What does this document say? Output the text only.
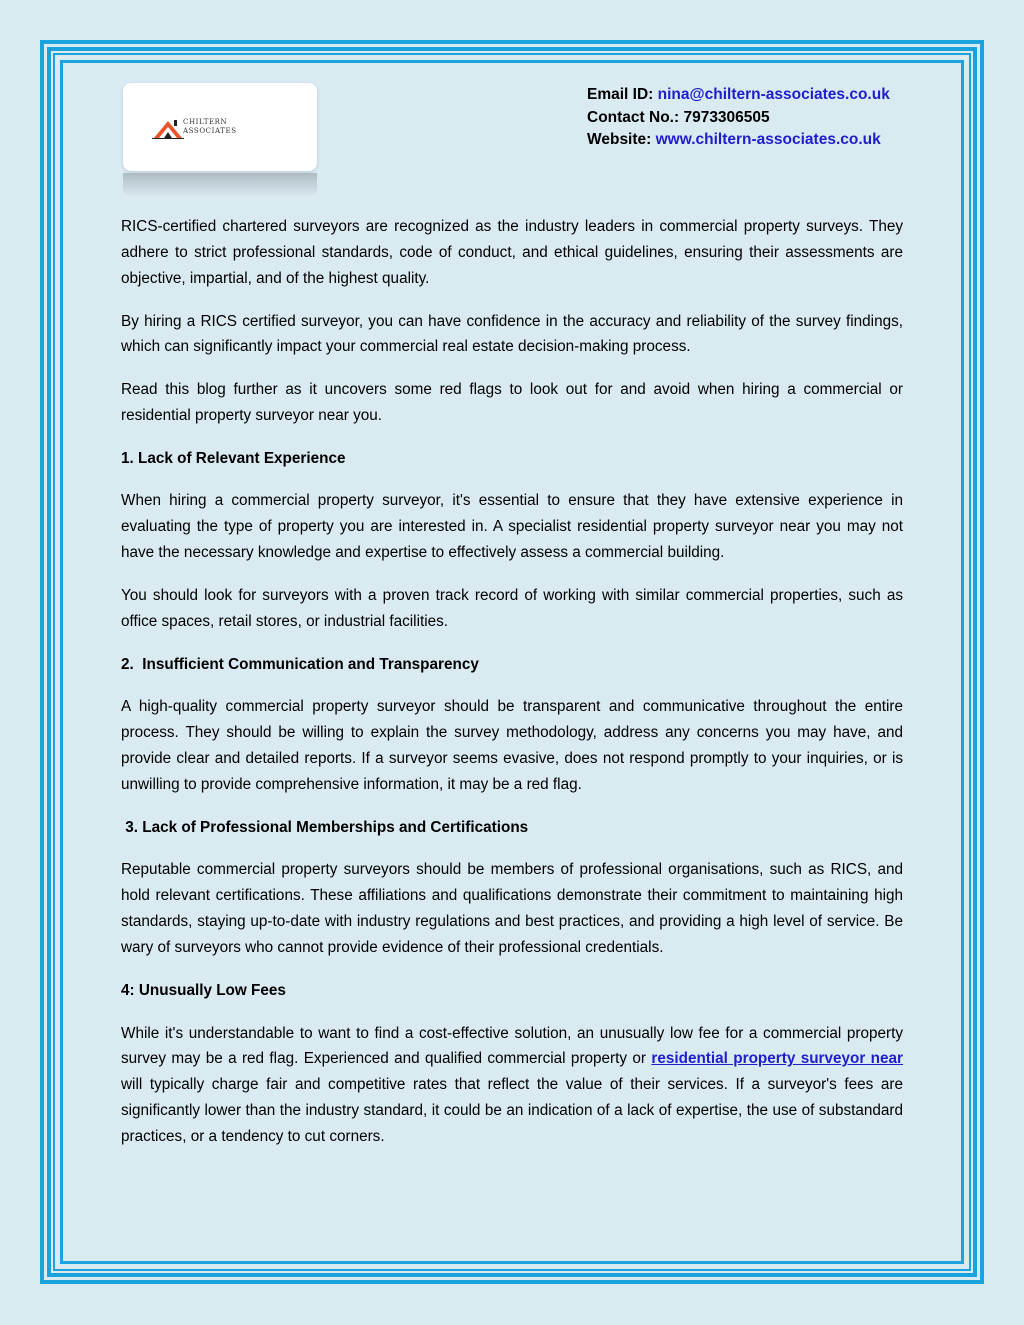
CHILTERN
ASSOCIATES
Email ID: nina@chiltern-associates.co.uk
Contact No.: 7973306505
Website: www.chiltern-associates.co.uk

RICS-certified chartered surveyors are recognized as the industry leaders in commercial property surveys. They adhere to strict professional standards, code of conduct, and ethical guidelines, ensuring their assessments are objective, impartial, and of the highest quality.

By hiring a RICS certified surveyor, you can have confidence in the accuracy and reliability of the survey findings, which can significantly impact your commercial real estate decision-making process.

Read this blog further as it uncovers some red flags to look out for and avoid when hiring a commercial or residential property surveyor near you.

1. Lack of Relevant Experience

When hiring a commercial property surveyor, it's essential to ensure that they have extensive experience in evaluating the type of property you are interested in. A specialist residential property surveyor near you may not have the necessary knowledge and expertise to effectively assess a commercial building.

You should look for surveyors with a proven track record of working with similar commercial properties, such as office spaces, retail stores, or industrial facilities.

2.  Insufficient Communication and Transparency

A high-quality commercial property surveyor should be transparent and communicative throughout the entire process. They should be willing to explain the survey methodology, address any concerns you may have, and provide clear and detailed reports. If a surveyor seems evasive, does not respond promptly to your inquiries, or is unwilling to provide comprehensive information, it may be a red flag.

3. Lack of Professional Memberships and Certifications

Reputable commercial property surveyors should be members of professional organisations, such as RICS, and hold relevant certifications. These affiliations and qualifications demonstrate their commitment to maintaining high standards, staying up-to-date with industry regulations and best practices, and providing a high level of service. Be wary of surveyors who cannot provide evidence of their professional credentials.

4: Unusually Low Fees

While it's understandable to want to find a cost-effective solution, an unusually low fee for a commercial property survey may be a red flag. Experienced and qualified commercial property or residential property surveyor near will typically charge fair and competitive rates that reflect the value of their services. If a surveyor's fees are significantly lower than the industry standard, it could be an indication of a lack of expertise, the use of substandard practices, or a tendency to cut corners.
